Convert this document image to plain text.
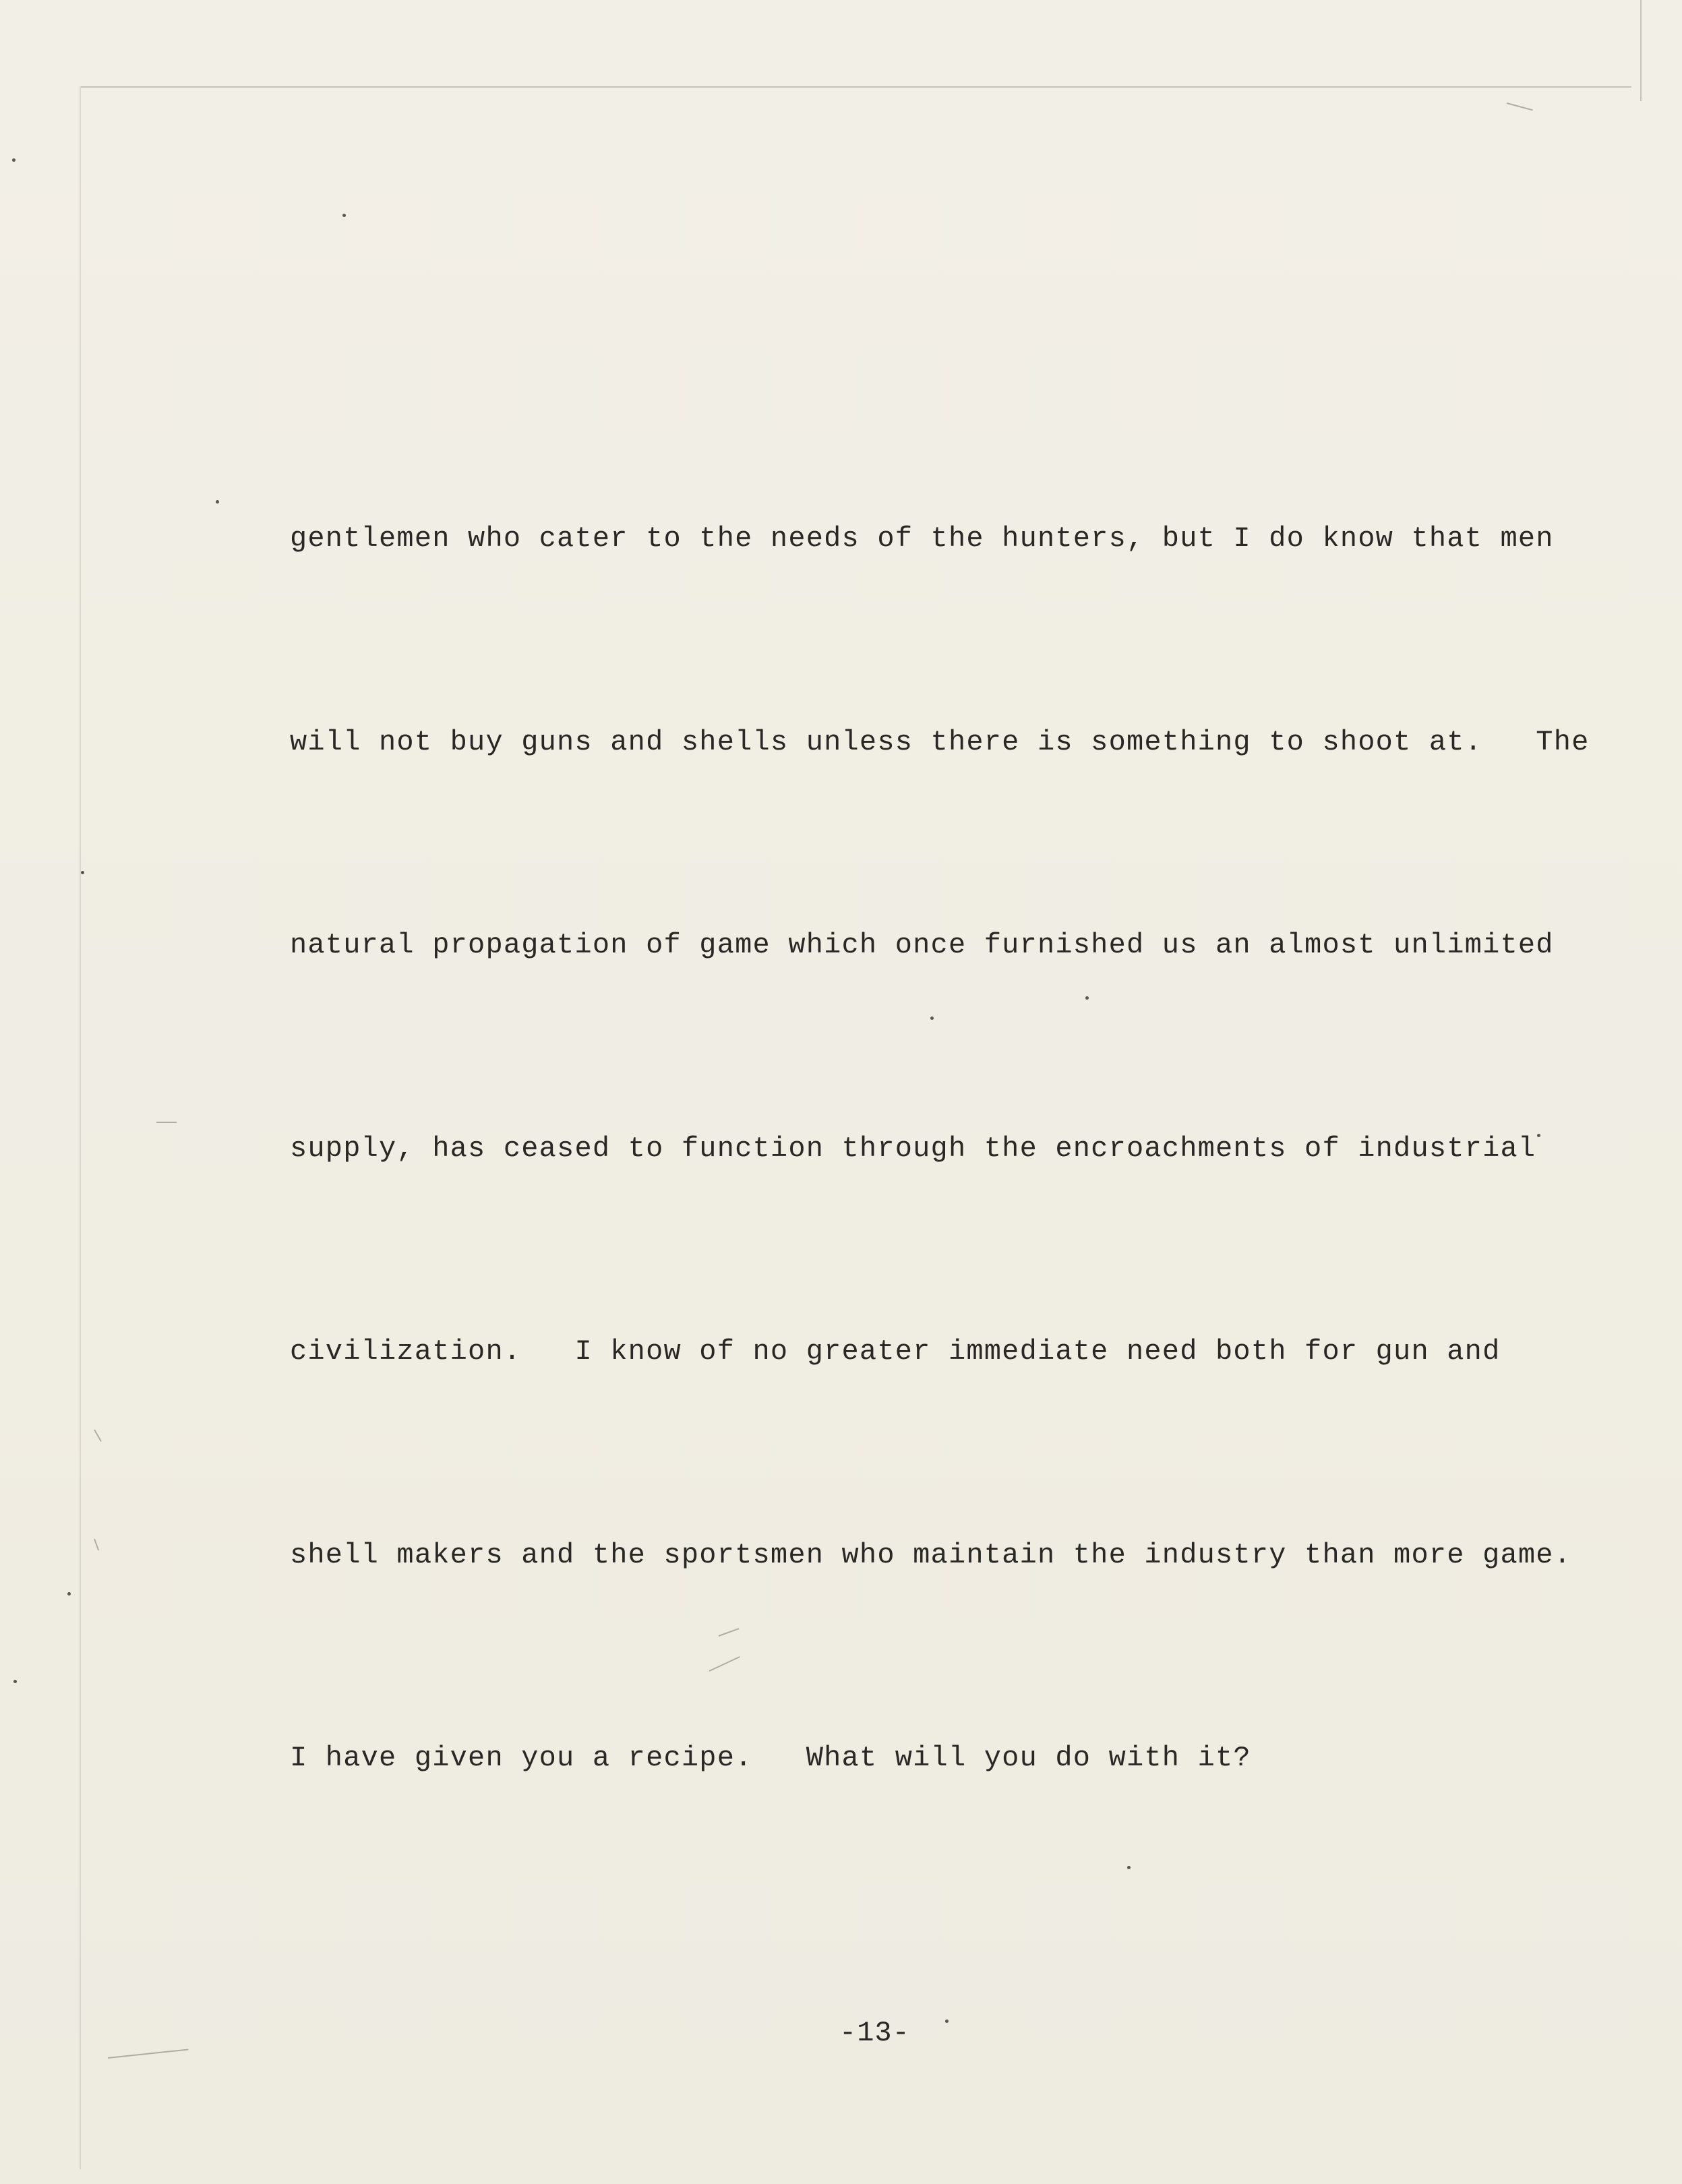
gentlemen who cater to the needs of the hunters, but I do know that men

will not buy guns and shells unless there is something to shoot at.   The

natural propagation of game which once furnished us an almost unlimited

supply, has ceased to function through the encroachments of industrial

civilization.   I know of no greater immediate need both for gun and

shell makers and the sportsmen who maintain the industry than more game.

I have given you a recipe.   What will you do with it?

-13-
